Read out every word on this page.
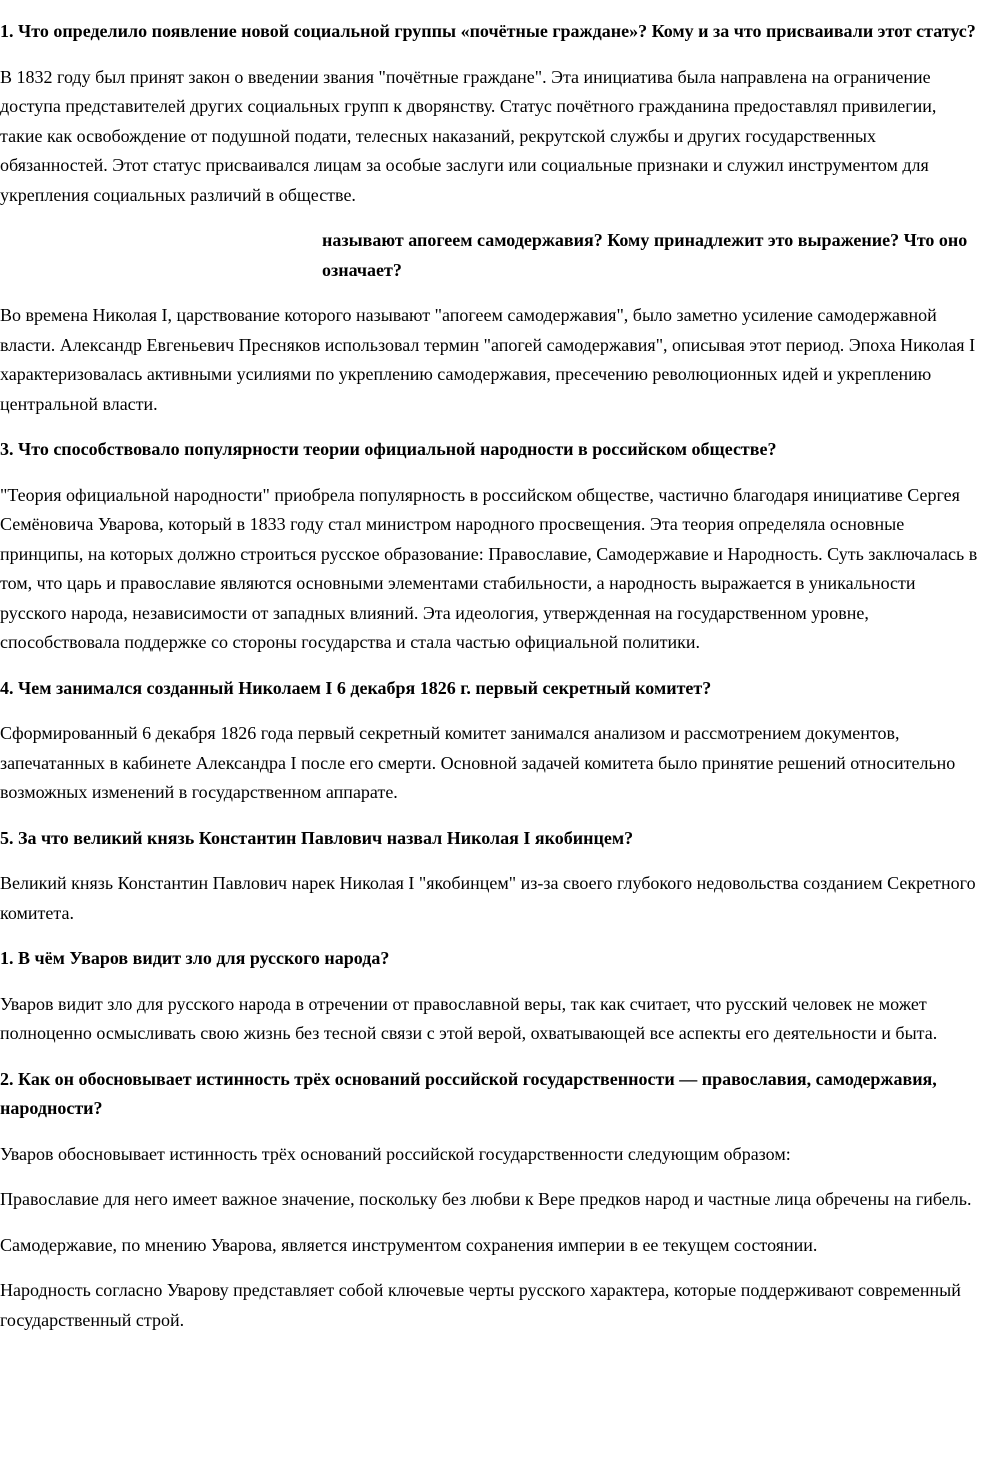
1. Что определило появление новой социальной группы «почётные граждане»? Кому и за что присваивали этот статус?

В 1832 году был принят закон о введении звания "почётные граждане". Эта инициатива была направлена на ограничение доступа представителей других социальных групп к дворянству. Статус почётного гражданина предоставлял привилегии, такие как освобождение от подушной подати, телесных наказаний, рекрутской службы и других государственных обязанностей. Этот статус присваивался лицам за особые заслуги или социальные признаки и служил инструментом для укрепления социальных различий в обществе.

называют апогеем самодержавия? Кому принадлежит это выражение? Что оно означает?

Во времена Николая I, царствование которого называют "апогеем самодержавия", было заметно усиление самодержавной власти. Александр Евгеньевич Пресняков использовал термин "апогей самодержавия", описывая этот период. Эпоха Николая I характеризовалась активными усилиями по укреплению самодержавия, пресечению революционных идей и укреплению центральной власти.

3. Что способствовало популярности теории официальной народности в российском обществе?

"Теория официальной народности" приобрела популярность в российском обществе, частично благодаря инициативе Сергея Семёновича Уварова, который в 1833 году стал министром народного просвещения. Эта теория определяла основные принципы, на которых должно строиться русское образование: Православие, Самодержавие и Народность. Суть заключалась в том, что царь и православие являются основными элементами стабильности, а народность выражается в уникальности русского народа, независимости от западных влияний. Эта идеология, утвержденная на государственном уровне, способствовала поддержке со стороны государства и стала частью официальной политики.

4. Чем занимался созданный Николаем I 6 декабря 1826 г. первый секретный комитет?

Сформированный 6 декабря 1826 года первый секретный комитет занимался анализом и рассмотрением документов, запечатанных в кабинете Александра I после его смерти. Основной задачей комитета было принятие решений относительно возможных изменений в государственном аппарате.

5. За что великий князь Константин Павлович назвал Николая I якобинцем?

Великий князь Константин Павлович нарек Николая I "якобинцем" из-за своего глубокого недовольства созданием Секретного комитета.

1. В чём Уваров видит зло для русского народа?

Уваров видит зло для русского народа в отречении от православной веры, так как считает, что русский человек не может полноценно осмысливать свою жизнь без тесной связи с этой верой, охватывающей все аспекты его деятельности и быта.

2. Как он обосновывает истинность трёх оснований российской государственности — православия, самодержавия, народности?

Уваров обосновывает истинность трёх оснований российской государственности следующим образом:

Православие для него имеет важное значение, поскольку без любви к Вере предков народ и частные лица обречены на гибель.

Самодержавие, по мнению Уварова, является инструментом сохранения империи в ее текущем состоянии.

Народность согласно Уварову представляет собой ключевые черты русского характера, которые поддерживают современный государственный строй.
